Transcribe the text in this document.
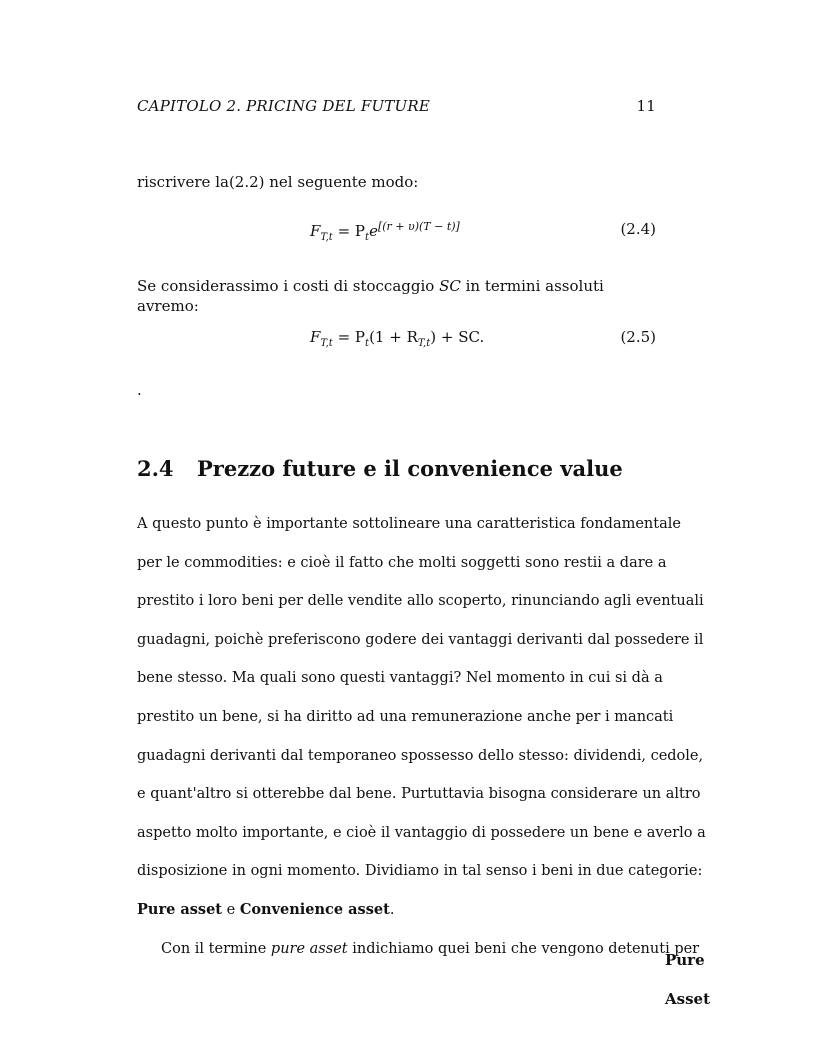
CAPITOLO 2. PRICING DEL FUTURE	11
riscrivere la(2.2) nel seguente modo:
$F_{T,t} = P_te[(r + \upsilon)(T - t)]$	(2.4)
Se considerassimo i costi di stoccaggio SC in termini assoluti avremo:
$F_{T,t} = P_t(1 + R_{T,t})$ + SC.	(2.5)
.
2.4 Prezzo future e il convenience value
A questo punto è importante sottolineare una caratteristica fondamentale
per le commodities: e cioè il fatto che molti soggetti sono restii a dare a
prestito i loro beni per delle vendite allo scoperto, rinunciando agli eventuali
guadagni, poichè preferiscono godere dei vantaggi derivanti dal possedere il
bene stesso. Ma quali sono questi vantaggi? Nel momento in cui si dà a
prestito un bene, si ha diritto ad una remunerazione anche per i mancati
guadagni derivanti dal temporaneo spossesso dello stesso: dividendi, cedole,
e quant'altro si otterebbe dal bene. Purtuttavia bisogna considerare un altro
aspetto molto importante, e cioè il vantaggio di possedere un bene e averlo a
disposizione in ogni momento. Dividiamo in tal senso i beni in due categorie:
Pure asset e Convenience asset.
Con il termine pure asset indichiamo quei beni che vengono detenuti per
Pure
Asset
